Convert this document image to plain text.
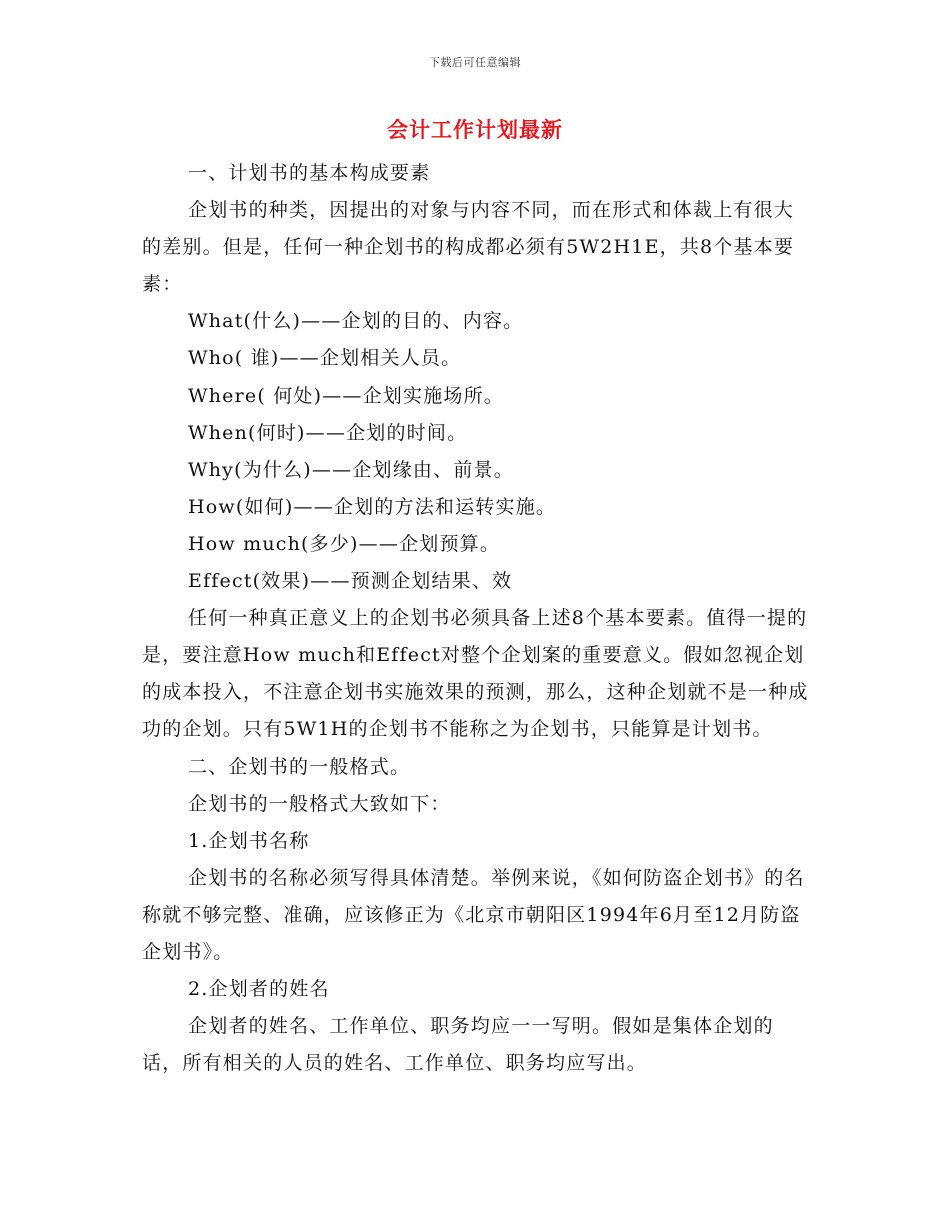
下载后可任意编辑
会计工作计划最新

一、计划书的基本构成要素

企划书的种类，因提出的对象与内容不同，而在形式和体裁上有很大的差别。但是，任何一种企划书的构成都必须有5W2H1E，共8个基本要素：

What(什么)——企划的目的、内容。

Who( 谁)——企划相关人员。

Where( 何处)——企划实施场所。

When(何时)——企划的时间。

Why(为什么)——企划缘由、前景。

How(如何)——企划的方法和运转实施。

How much(多少)——企划预算。

Effect(效果)——预测企划结果、效

任何一种真正意义上的企划书必须具备上述8个基本要素。值得一提的是，要注意How much和Effect对整个企划案的重要意义。假如忽视企划的成本投入，不注意企划书实施效果的预测，那么，这种企划就不是一种成功的企划。只有5W1H的企划书不能称之为企划书，只能算是计划书。

二、企划书的一般格式。

企划书的一般格式大致如下：

1.企划书名称

企划书的名称必须写得具体清楚。举例来说，《如何防盗企划书》的名称就不够完整、准确，应该修正为《北京市朝阳区1994年6月至12月防盗企划书》。

2.企划者的姓名

企划者的姓名、工作单位、职务均应一一写明。假如是集体企划的话，所有相关的人员的姓名、工作单位、职务均应写出。
